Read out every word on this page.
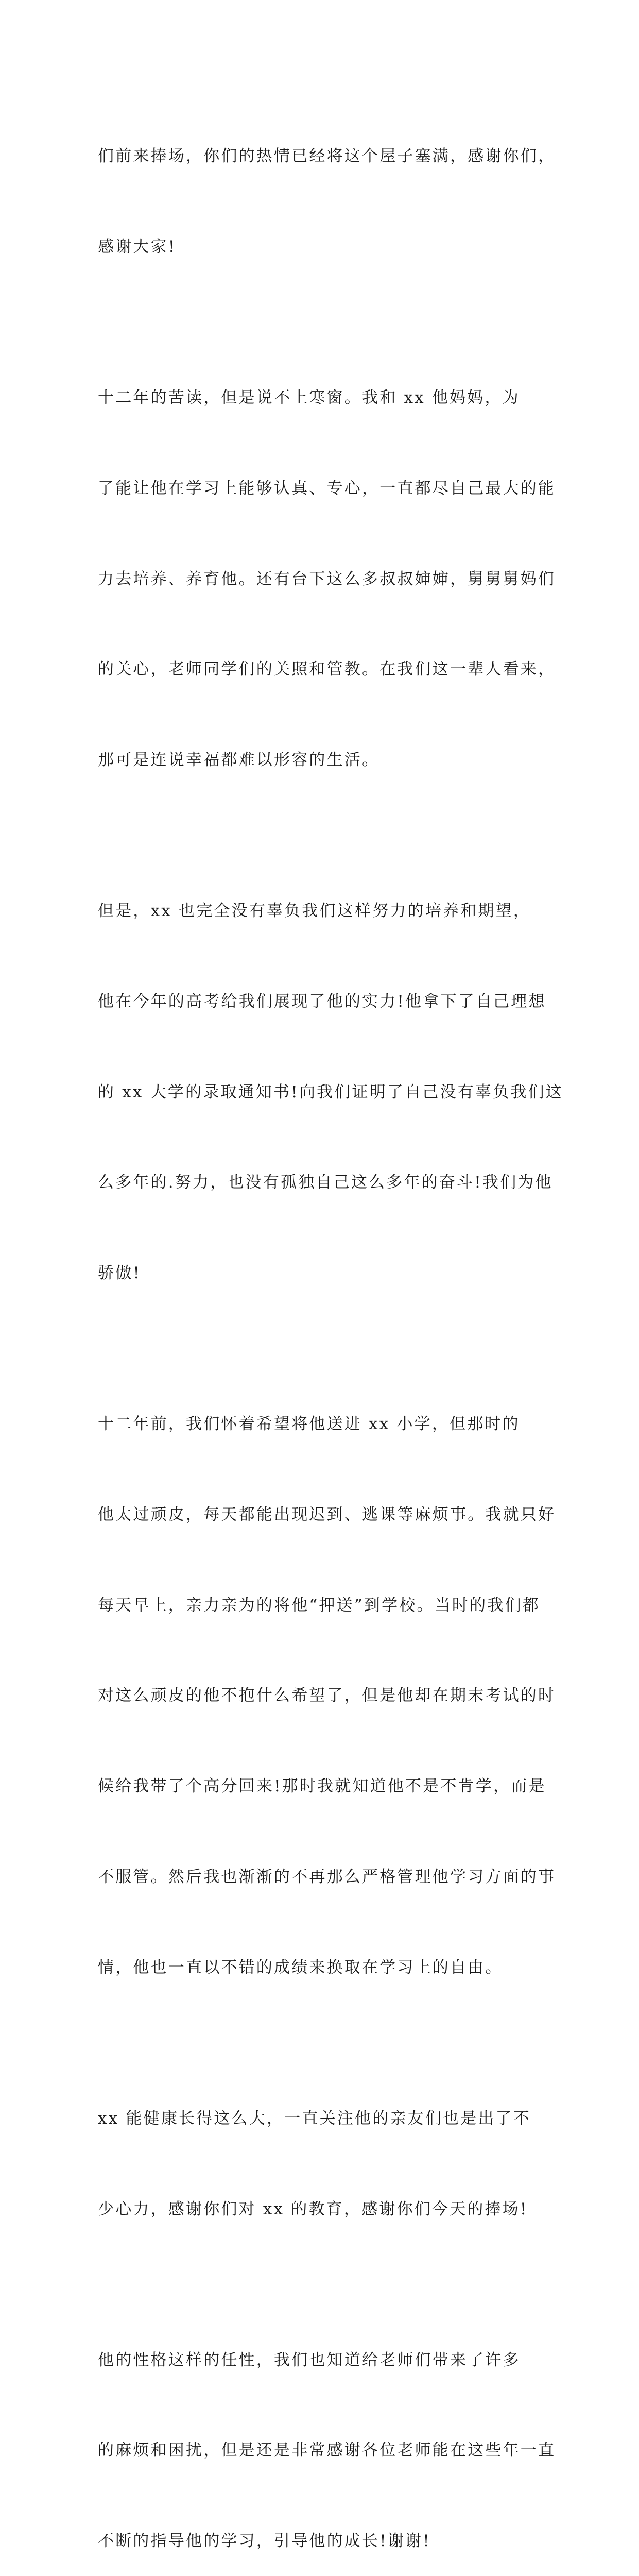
们前来捧场，你们的热情已经将这个屋子塞满，感谢你们，

感谢大家!

十二年的苦读，但是说不上寒窗。我和 xx 他妈妈，为

了能让他在学习上能够认真、专心，一直都尽自己最大的能

力去培养、养育他。还有台下这么多叔叔婶婶，舅舅舅妈们

的关心，老师同学们的关照和管教。在我们这一辈人看来，

那可是连说幸福都难以形容的生活。

但是，xx 也完全没有辜负我们这样努力的培养和期望，

他在今年的高考给我们展现了他的实力!他拿下了自己理想

的 xx 大学的录取通知书!向我们证明了自己没有辜负我们这

么多年的.努力，也没有孤独自己这么多年的奋斗!我们为他

骄傲!

十二年前，我们怀着希望将他送进 xx 小学，但那时的

他太过顽皮，每天都能出现迟到、逃课等麻烦事。我就只好

每天早上，亲力亲为的将他“押送”到学校。当时的我们都

对这么顽皮的他不抱什么希望了，但是他却在期末考试的时

候给我带了个高分回来!那时我就知道他不是不肯学，而是

不服管。然后我也渐渐的不再那么严格管理他学习方面的事

情，他也一直以不错的成绩来换取在学习上的自由。

xx 能健康长得这么大，一直关注他的亲友们也是出了不

少心力，感谢你们对 xx 的教育，感谢你们今天的捧场!

他的性格这样的任性，我们也知道给老师们带来了许多

的麻烦和困扰，但是还是非常感谢各位老师能在这些年一直

不断的指导他的学习，引导他的成长!谢谢!
